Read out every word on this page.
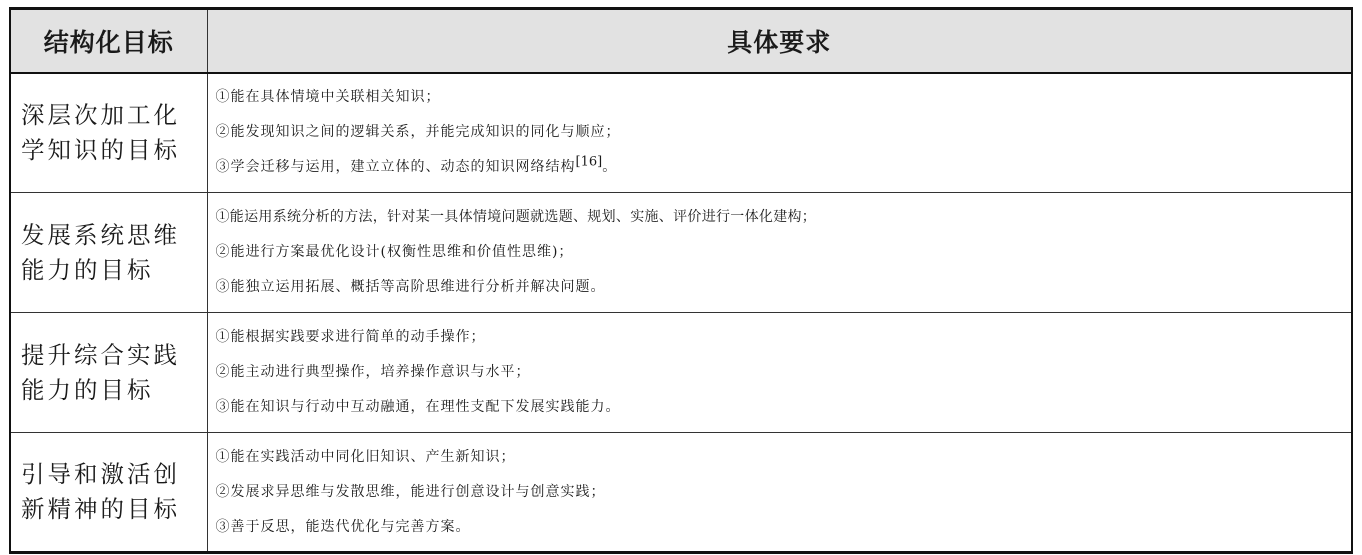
结构化目标	具体要求
深层次加工化学知识的目标	①能在具体情境中关联相关知识；
②能发现知识之间的逻辑关系，并能完成知识的同化与顺应；
③学会迁移与运用，建立立体的、动态的知识网络结构[16]。

发展系统思维能力的目标	①能运用系统分析的方法，针对某一具体情境问题就选题、规划、实施、评价进行一体化建构；
②能进行方案最优化设计(权衡性思维和价值性思维)；
③能独立运用拓展、概括等高阶思维进行分析并解决问题。

提升综合实践能力的目标	①能根据实践要求进行简单的动手操作；
②能主动进行典型操作，培养操作意识与水平；
③能在知识与行动中互动融通，在理性支配下发展实践能力。

引导和激活创新精神的目标	①能在实践活动中同化旧知识、产生新知识；
②发展求异思维与发散思维，能进行创意设计与创意实践；
③善于反思，能迭代优化与完善方案。
